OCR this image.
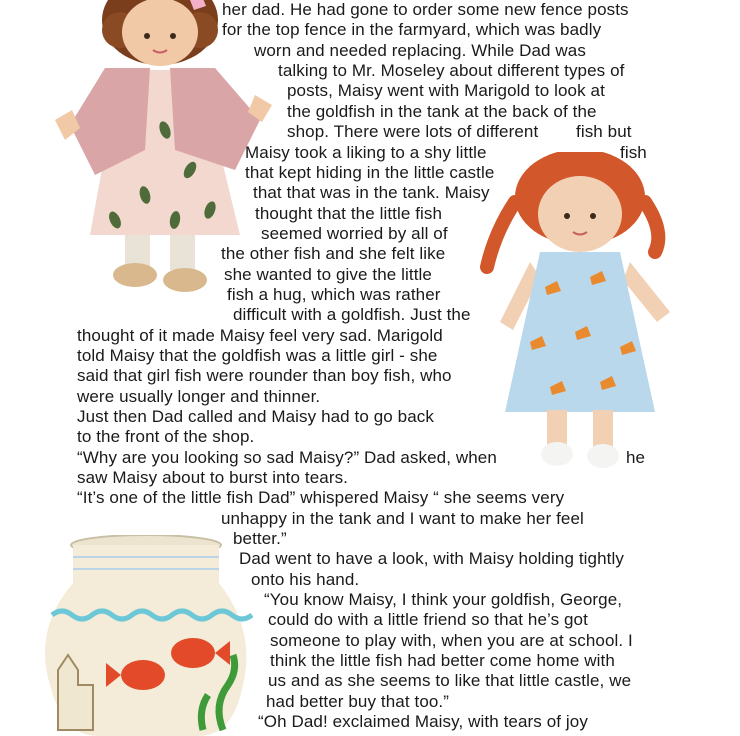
her dad. He had gone to order some new fence posts
for the top fence in the farmyard, which was badly
worn and needed replacing. While Dad was
talking to Mr. Moseley about different types of
posts, Maisy went with Marigold to look at
the goldfish in the tank at the back of the
shop. There were lots of different fish but
Maisy took a liking to a shy little	fish
that kept hiding in the little castle
that that was in the tank. Maisy
thought that the little fish
seemed worried by all of
the other fish and she felt like
she wanted to give the little
fish a hug, which was rather
difficult with a goldfish. Just the
thought of it made Maisy feel very sad. Marigold
told Maisy that the goldfish was a little girl - she
said that girl fish were rounder than boy fish, who
were usually longer and thinner.
Just then Dad called and Maisy had to go back
to the front of the shop.
“Why are you looking so sad Maisy?” Dad asked, when	he
saw Maisy about to burst into tears.
“It’s one of the little fish Dad” whispered Maisy “ she seems very
unhappy in the tank and I want to make her feel
better.”
Dad went to have a look, with Maisy holding tightly
onto his hand.
“You know Maisy, I think your goldfish, George,
could do with a little friend so that he’s got
someone to play with, when you are at school. I
think the little fish had better come home with
us and as she seems to like that little castle, we
had better buy that too.”
“Oh Dad! exclaimed Maisy, with tears of joy
